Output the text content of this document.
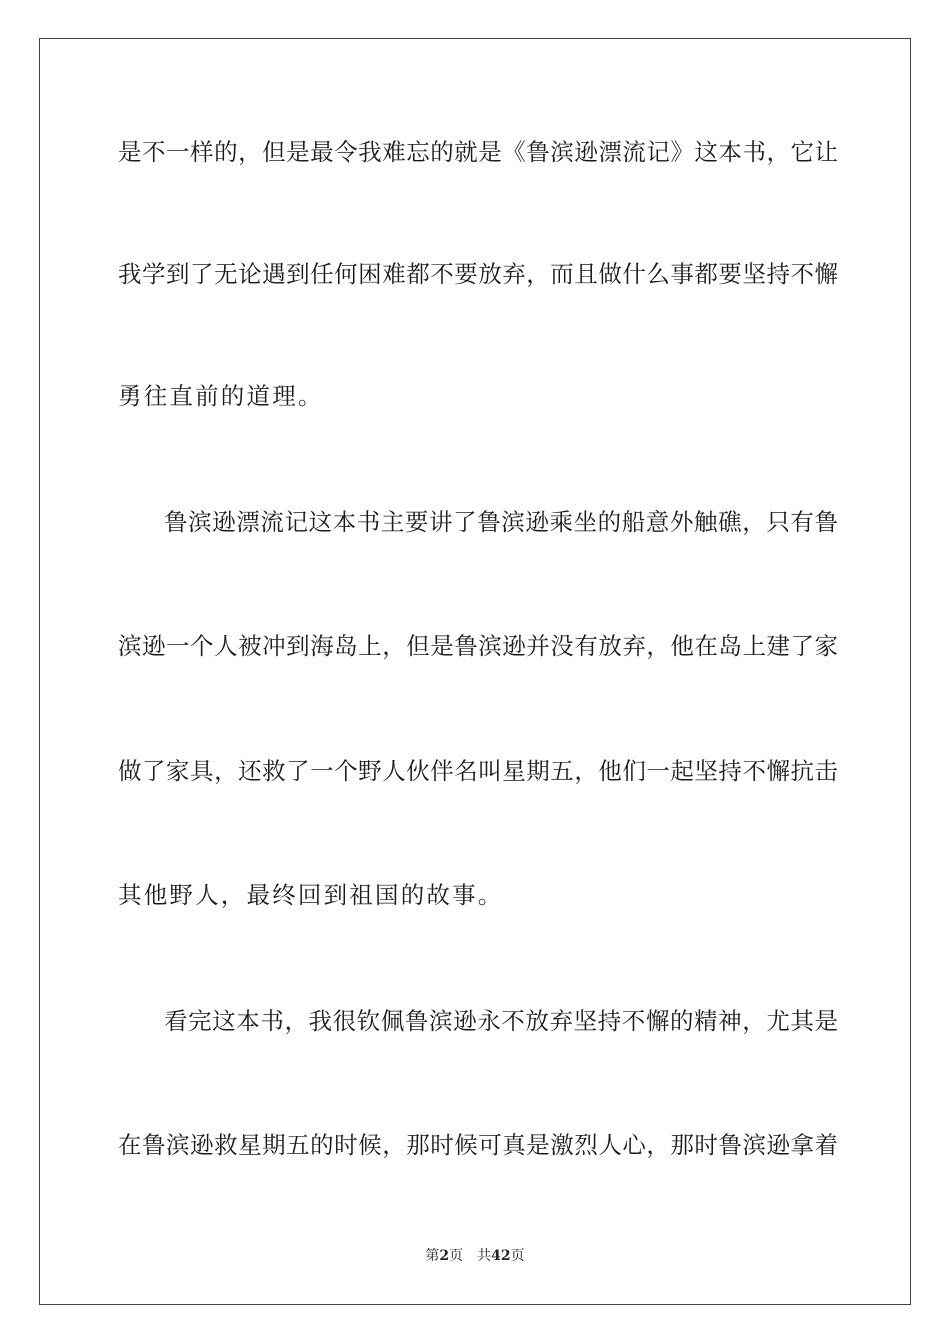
是不一样的，但是最令我难忘的就是《鲁滨逊漂流记》这本书，它让
我学到了无论遇到任何困难都不要放弃，而且做什么事都要坚持不懈
勇往直前的道理。
鲁滨逊漂流记这本书主要讲了鲁滨逊乘坐的船意外触礁，只有鲁
滨逊一个人被冲到海岛上，但是鲁滨逊并没有放弃，他在岛上建了家
做了家具，还救了一个野人伙伴名叫星期五，他们一起坚持不懈抗击
其他野人，最终回到祖国的故事。
看完这本书，我很钦佩鲁滨逊永不放弃坚持不懈的精神，尤其是
在鲁滨逊救星期五的时候，那时候可真是激烈人心，那时鲁滨逊拿着
第2页 共42页
